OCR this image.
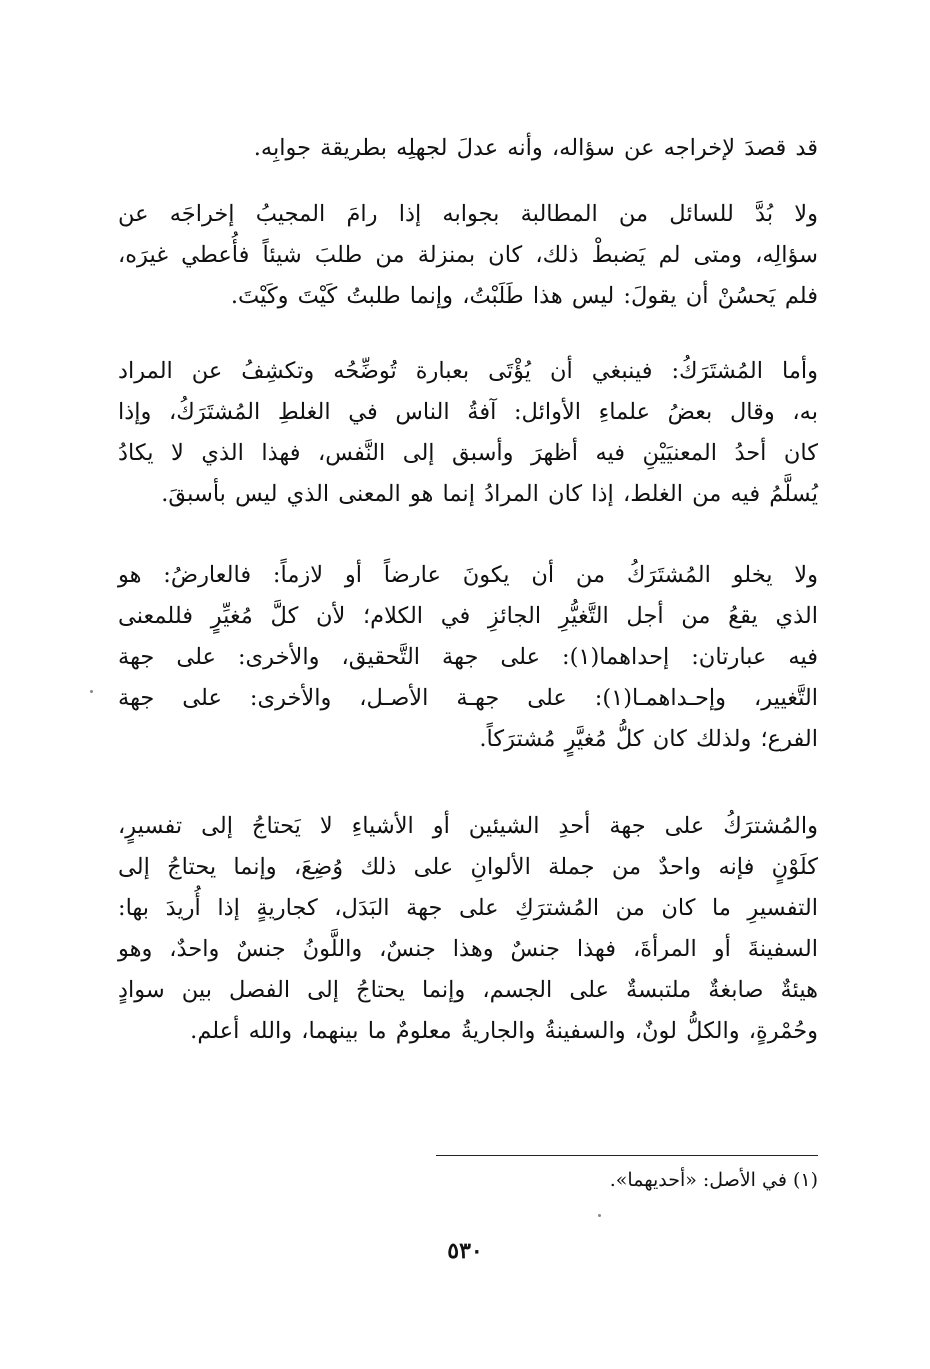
قد قصدَ لإخراجه عن سؤاله، وأنه عدلَ لجهلِه بطريقة جوابِه.
ولا بُدَّ للسائل من المطالبة بجوابه إذا رامَ المجيبُ إخراجَه عن
سؤالِه، ومتى لم يَضبطْ ذلك، كان بمنزلة من طلبَ شيئاً فأُعطي غيرَه،
فلم يَحسُنْ أن يقولَ: ليس هذا طَلَبْتُ، وإنما طلبتُ كَيْتَ وكَيْتَ.
وأما المُشتَرَكُ: فينبغي أن يُؤْتَى بعبارة تُوضِّحُه وتكشِفُ عن المراد
به، وقال بعضُ علماءِ الأوائل: آفةُ الناس في الغلطِ المُشتَرَكُ، وإذا
كان أحدُ المعنيَيْنِ فيه أظهرَ وأسبق إلى النَّفس، فهذا الذي لا يكادُ
يُسلَّمُ فيه من الغلط، إذا كان المرادُ إنما هو المعنى الذي ليس بأسبقَ.
ولا يخلو المُشتَرَكُ من أن يكونَ عارضاً أو لازماً: فالعارضُ: هو
الذي يقعُ من أجل التَّغيُّرِ الجائزِ في الكلام؛ لأن كلَّ مُغيِّرٍ فللمعنى
فيه عبارتان: إحداهما(١): على جهة التَّحقيق، والأخرى: على جهة
التَّغيير، وإحـداهمـا(١): على جهـة الأصـل، والأخرى: على جهة
الفرع؛ ولذلك كان كلُّ مُغيَّرٍ مُشترَكاً.
والمُشترَكُ على جهة أحدِ الشيئين أو الأشياءِ لا يَحتاجُ إلى تفسيرٍ،
كلَوْنٍ فإنه واحدٌ من جملة الألوانِ على ذلك وُضِعَ، وإنما يحتاجُ إلى
التفسيرِ ما كان من المُشترَكِ على جهة البَدَل، كجاريةٍ إذا أُريدَ بها:
السفينةَ أو المرأةَ، فهذا جنسٌ وهذا جنسٌ، واللَّونُ جنسٌ واحدٌ، وهو
هيئةٌ صابغةٌ ملتبسةٌ على الجسم، وإنما يحتاجُ إلى الفصل بين سوادٍ
وحُمْرةٍ، والكلُّ لونٌ، والسفينةُ والجاريةُ معلومٌ ما بينهما، والله أعلم.
(١) في الأصل: «أحديهما».
٥٣٠
